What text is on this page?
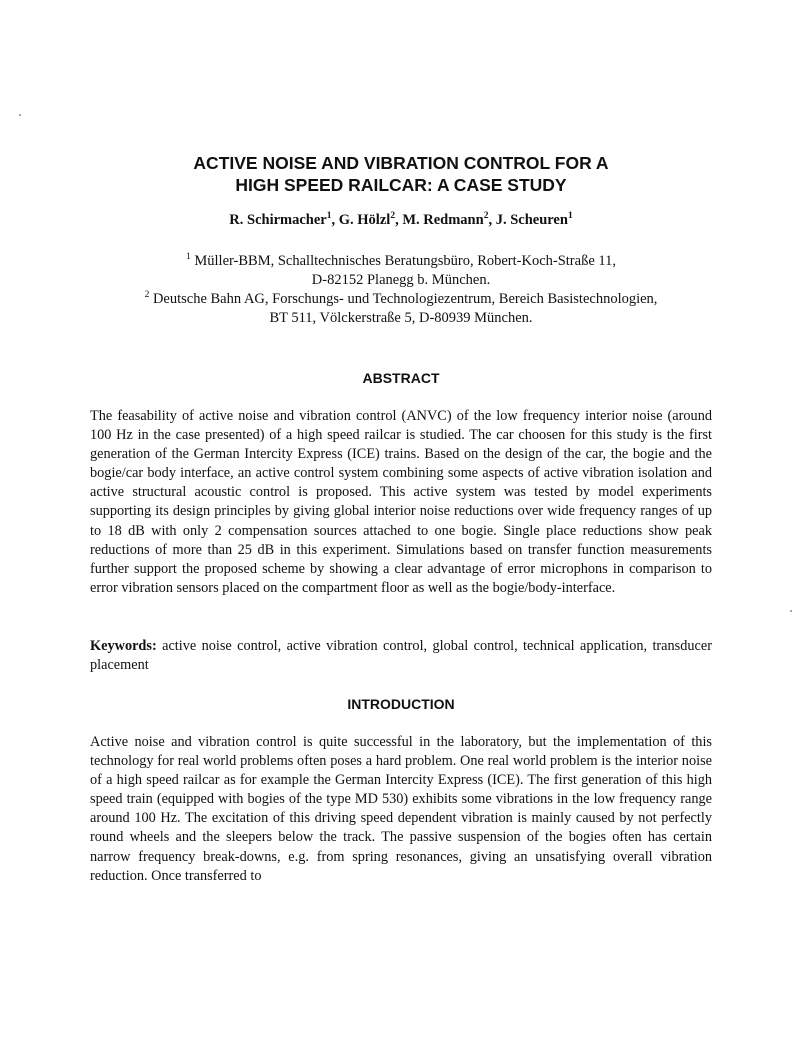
ACTIVE NOISE AND VIBRATION CONTROL FOR A
HIGH SPEED RAILCAR: A CASE STUDY
R. Schirmacher$^1$, G. Hölzl$^2$, M. Redmann$^2$, J. Scheuren$^1$
$^1$ Müller-BBM, Schalltechnisches Beratungsbüro, Robert-Koch-Straße 11,
D-82152 Planegg b. München.
$^2$ Deutsche Bahn AG, Forschungs- und Technologiezentrum, Bereich Basistechnologien,
BT 511, Völckerstraße 5, D-80939 München.
ABSTRACT
The feasability of active noise and vibration control (ANVC) of the low frequency interior noise (around 100 Hz in the case presented) of a high speed railcar is studied. The car choosen for this study is the first generation of the German Intercity Express (ICE) trains. Based on the design of the car, the bogie and the bogie/car body interface, an active control system combining some aspects of active vibration isolation and active structural acoustic control is proposed. This active system was tested by model experiments supporting its design principles by giving global interior noise reductions over wide frequency ranges of up to 18 dB with only 2 compensation sources attached to one bogie. Single place reductions show peak reductions of more than 25 dB in this experiment. Simulations based on transfer function measurements further support the proposed scheme by showing a clear advantage of error microphons in comparison to error vibration sensors placed on the compartment floor as well as the bogie/body-interface.
Keywords: active noise control, active vibration control, global control, technical application, transducer placement
INTRODUCTION
Active noise and vibration control is quite successful in the laboratory, but the implementation of this technology for real world problems often poses a hard problem. One real world problem is the interior noise of a high speed railcar as for example the German Intercity Express (ICE). The first generation of this high speed train (equipped with bogies of the type MD 530) exhibits some vibrations in the low frequency range around 100 Hz. The excitation of this driving speed dependent vibration is mainly caused by not perfectly round wheels and the sleepers below the track. The passive suspension of the bogies often has certain narrow frequency break-downs, e.g. from spring resonances, giving an unsatisfying overall vibration reduction. Once transferred to
